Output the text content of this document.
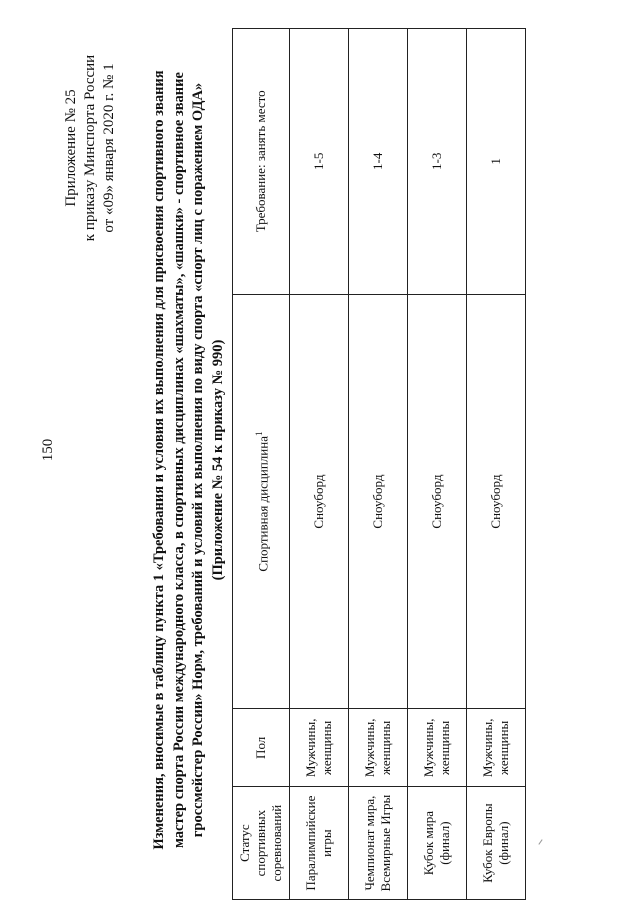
150
Приложение № 25 к приказу Минспорта России от «09» января 2020 г. № 1 Изменения, вносимые в таблицу пункта 1 «Требования и условия их выполнения для присвоения спортивного звания мастер спорта России международного класса, в спортивных дисциплинах «шахматы», «шашки» - спортивное звание гроссмейстер России» Норм, требований и условий их выполнения по виду спорта «спорт лиц с поражением ОДА» (Приложение № 54 к приказу № 990)
Статус спортивных соревнований	Пол	Спортивная дисциплина$^1$	Требование: занять место
Паралимпийские игры	Мужчины, женщины	Сноуборд	1-5
Чемпионат мира, Всемирные Игры	Мужчины, женщины	Сноуборд	1-4
Кубок мира (финал)	Мужчины, женщины	Сноуборд	1-3
Кубок Европы (финал)	Мужчины, женщины	Сноуборд	1
